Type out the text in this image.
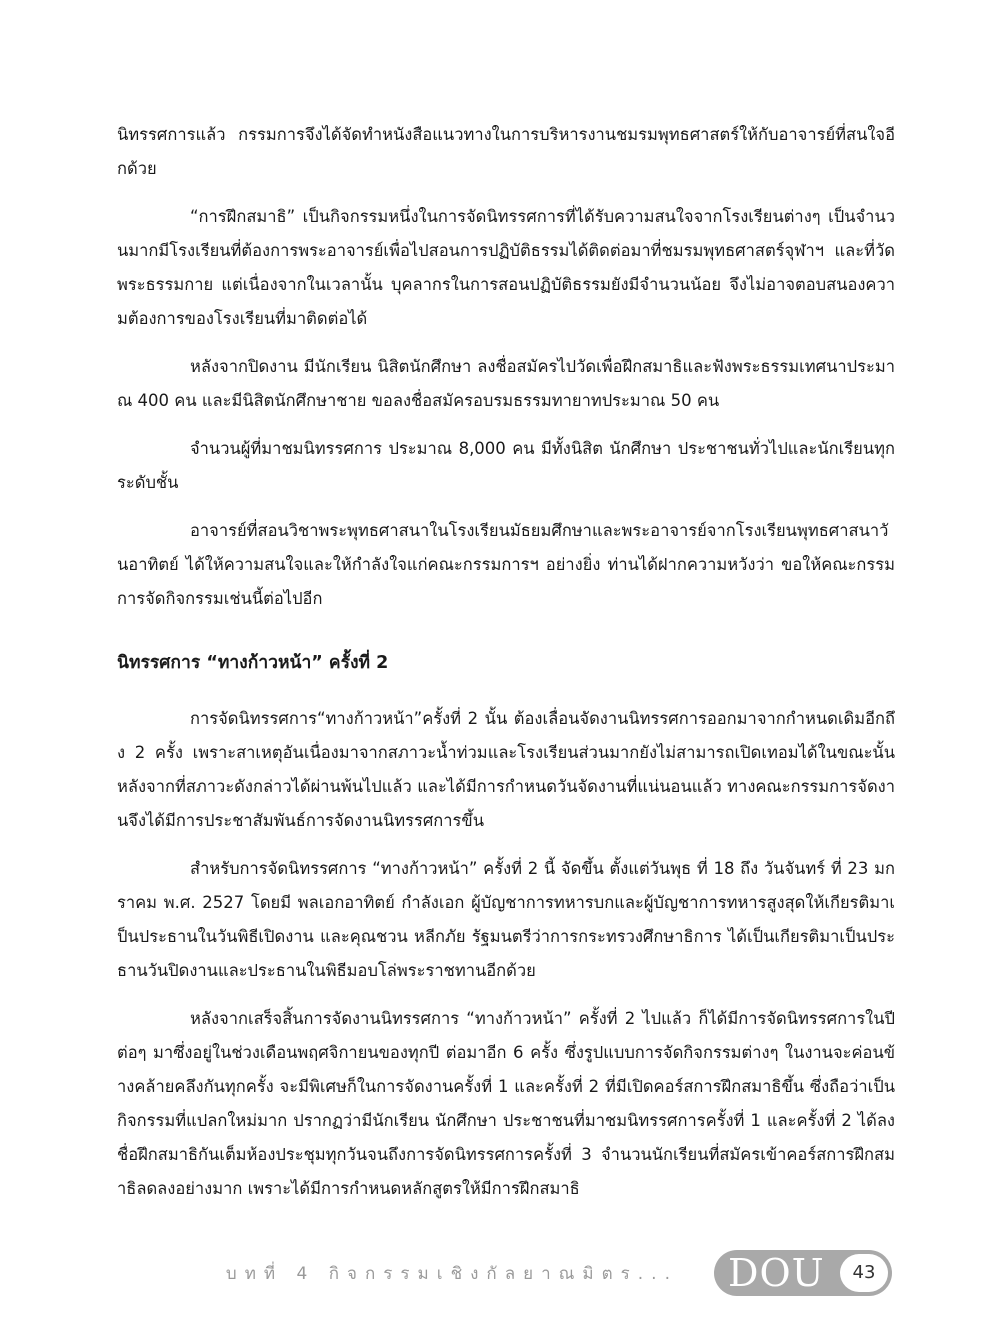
นิทรรศการแล้ว กรรมการจึงได้จัดทำหนังสือแนวทางในการบริหารงานชมรมพุทธศาสตร์ให้กับอาจารย์ที่สนใจอีกด้วย

“การฝึกสมาธิ” เป็นกิจกรรมหนึ่งในการจัดนิทรรศการที่ได้รับความสนใจจากโรงเรียนต่างๆ เป็นจำนวนมากมีโรงเรียนที่ต้องการพระอาจารย์เพื่อไปสอนการปฏิบัติธรรมได้ติดต่อมาที่ชมรมพุทธศาสตร์จุฬาฯ และที่วัดพระธรรมกาย แต่เนื่องจากในเวลานั้น บุคลากรในการสอนปฏิบัติธรรมยังมีจำนวนน้อย จึงไม่อาจตอบสนองความต้องการของโรงเรียนที่มาติดต่อได้

หลังจากปิดงาน มีนักเรียน นิสิตนักศึกษา ลงชื่อสมัครไปวัดเพื่อฝึกสมาธิและฟังพระธรรมเทศนาประมาณ 400 คน และมีนิสิตนักศึกษาชาย ขอลงชื่อสมัครอบรมธรรมทายาทประมาณ 50 คน

จำนวนผู้ที่มาชมนิทรรศการ ประมาณ 8,000 คน มีทั้งนิสิต นักศึกษา ประชาชนทั่วไปและนักเรียนทุกระดับชั้น

อาจารย์ที่สอนวิชาพระพุทธศาสนาในโรงเรียนมัธยมศึกษาและพระอาจารย์จากโรงเรียนพุทธศาสนาวันอาทิตย์ ได้ให้ความสนใจและให้กำลังใจแก่คณะกรรมการฯ อย่างยิ่ง ท่านได้ฝากความหวังว่า ขอให้คณะกรรมการจัดกิจกรรมเช่นนี้ต่อไปอีก

นิทรรศการ “ทางก้าวหน้า” ครั้งที่ 2

การจัดนิทรรศการ“ทางก้าวหน้า”ครั้งที่ 2 นั้น ต้องเลื่อนจัดงานนิทรรศการออกมาจากกำหนดเดิมอีกถึง 2 ครั้ง เพราะสาเหตุอันเนื่องมาจากสภาวะน้ำท่วมและโรงเรียนส่วนมากยังไม่สามารถเปิดเทอมได้ในขณะนั้น หลังจากที่สภาวะดังกล่าวได้ผ่านพ้นไปแล้ว และได้มีการกำหนดวันจัดงานที่แน่นอนแล้ว ทางคณะกรรมการจัดงานจึงได้มีการประชาสัมพันธ์การจัดงานนิทรรศการขึ้น

สำหรับการจัดนิทรรศการ “ทางก้าวหน้า” ครั้งที่ 2 นี้ จัดขึ้น ตั้งแต่วันพุธ ที่ 18 ถึง วันจันทร์ ที่ 23 มกราคม พ.ศ. 2527 โดยมี พลเอกอาทิตย์ กำลังเอก ผู้บัญชาการทหารบกและผู้บัญชาการทหารสูงสุดให้เกียรติมาเป็นประธานในวันพิธีเปิดงาน และคุณชวน หลีกภัย รัฐมนตรีว่าการกระทรวงศึกษาธิการ ได้เป็นเกียรติมาเป็นประธานวันปิดงานและประธานในพิธีมอบโล่พระราชทานอีกด้วย

หลังจากเสร็จสิ้นการจัดงานนิทรรศการ “ทางก้าวหน้า” ครั้งที่ 2 ไปแล้ว ก็ได้มีการจัดนิทรรศการในปีต่อๆ มาซึ่งอยู่ในช่วงเดือนพฤศจิกายนของทุกปี ต่อมาอีก 6 ครั้ง ซึ่งรูปแบบการจัดกิจกรรมต่างๆ ในงานจะค่อนข้างคล้ายคลึงกันทุกครั้ง จะมีพิเศษก็ในการจัดงานครั้งที่ 1 และครั้งที่ 2 ที่มีเปิดคอร์สการฝึกสมาธิขึ้น ซึ่งถือว่าเป็นกิจกรรมที่แปลกใหม่มาก ปรากฏว่ามีนักเรียน นักศึกษา ประชาชนที่มาชมนิทรรศการครั้งที่ 1 และครั้งที่ 2 ได้ลงชื่อฝึกสมาธิกันเต็มห้องประชุมทุกวันจนถึงการจัดนิทรรศการครั้งที่ 3 จำนวนนักเรียนที่สมัครเข้าคอร์สการฝึกสมาธิลดลงอย่างมาก เพราะได้มีการกำหนดหลักสูตรให้มีการฝึกสมาธิ

บทที่ 4 กิจกรรมเชิงกัลยาณมิตร... DOU	43
